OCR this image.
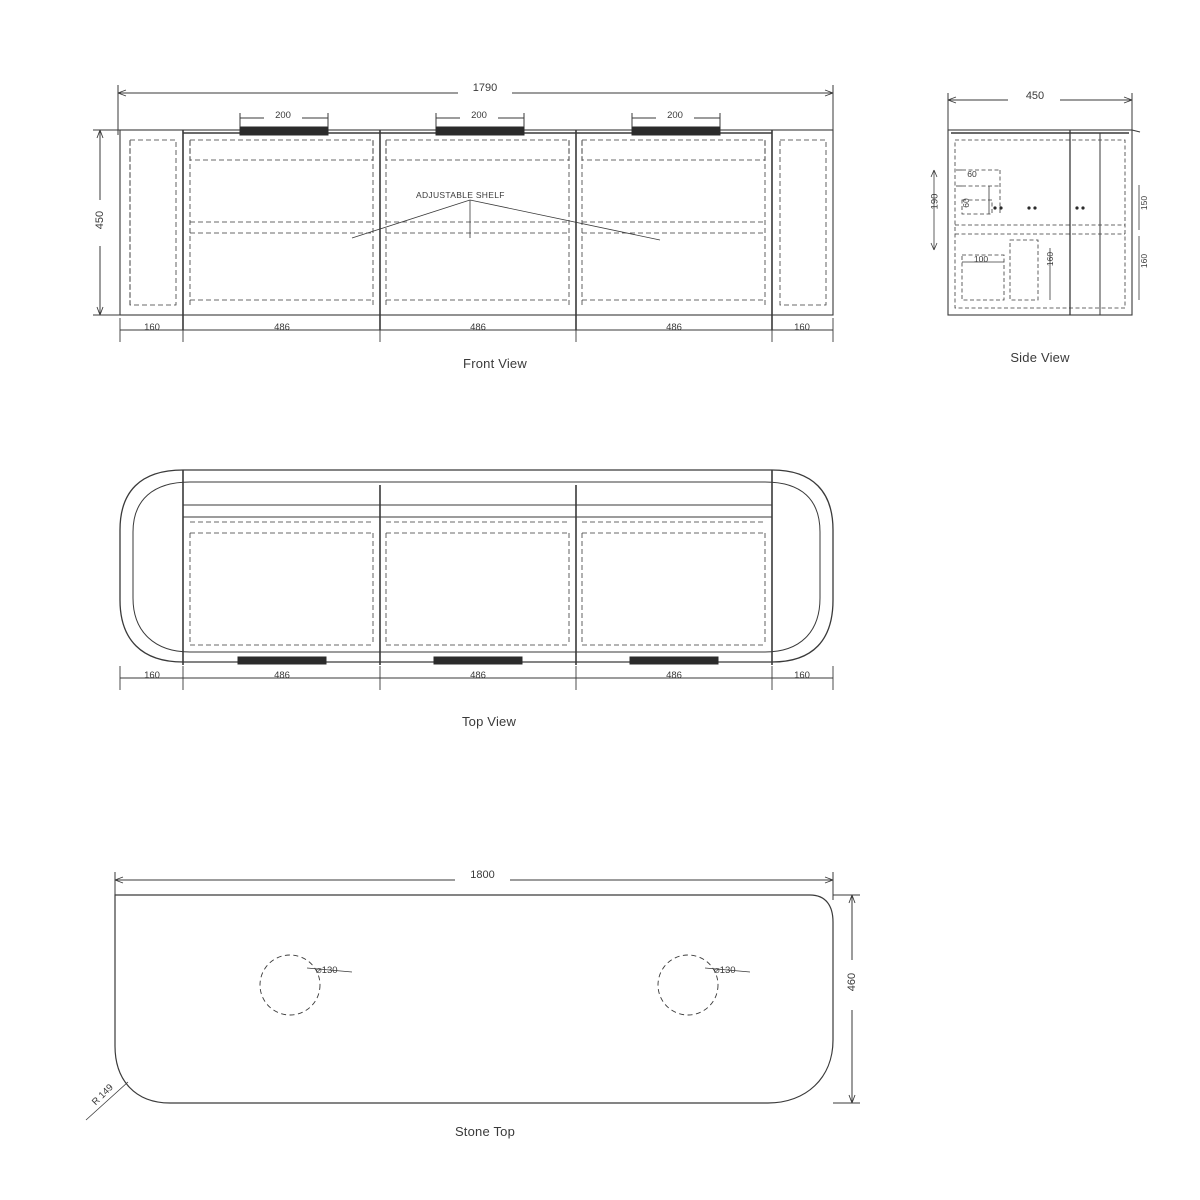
1790
450
200	200	200
ADJUSTABLE SHELF
160	486	486	486	160
Front View
450
60
60
190
100	160
150
160
Side View
160	486	486	486	160
Top View
1800
460
⌀130	⌀130
R 149
Stone Top
